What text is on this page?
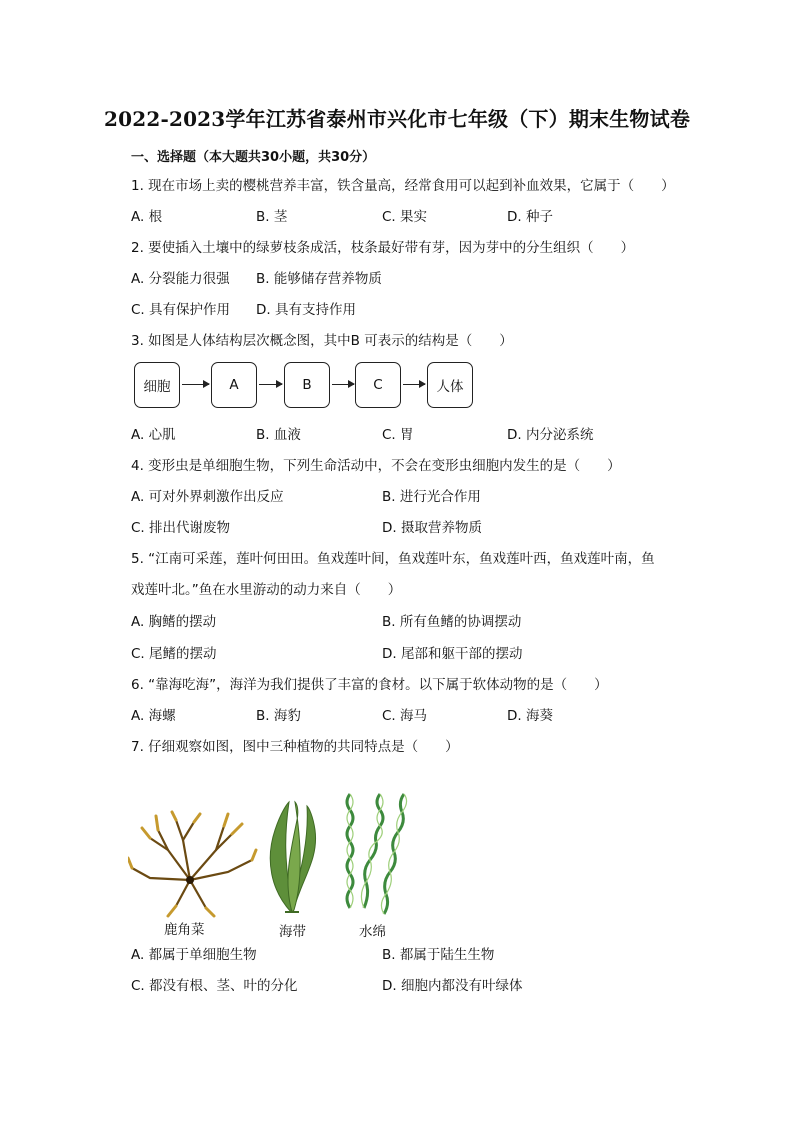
2022-2023学年江苏省泰州市兴化市七年级（下）期末生物试卷
一、选择题（本大题共30小题，共30分）
1. 现在市场上卖的樱桃营养丰富，铁含量高，经常食用可以起到补血效果，它属于（　　）
A. 根	B. 茎	C. 果实	D. 种子
2. 要使插入土壤中的绿萝枝条成活，枝条最好带有芽，因为芽中的分生组织（　　）
A. 分裂能力很强 B. 能够储存营养物质
C. 具有保护作用 D. 具有支持作用
3. 如图是人体结构层次概念图，其中B 可表示的结构是（　　）
细胞	A	B	C	人体
A. 心肌	B. 血液	C. 胃	D. 内分泌系统
4. 变形虫是单细胞生物，下列生命活动中，不会在变形虫细胞内发生的是（　　）
A. 可对外界刺激作出反应	B. 进行光合作用
C. 排出代谢废物	D. 摄取营养物质
5. “江南可采莲，莲叶何田田。鱼戏莲叶间，鱼戏莲叶东，鱼戏莲叶西，鱼戏莲叶南，鱼
戏莲叶北。”鱼在水里游动的动力来自（　　）
A. 胸鳍的摆动	B. 所有鱼鳍的协调摆动
C. 尾鳍的摆动	D. 尾部和躯干部的摆动
6. “靠海吃海”，海洋为我们提供了丰富的食材。以下属于软体动物的是（　　）
A. 海螺	B. 海豹	C. 海马	D. 海葵
7. 仔细观察如图，图中三种植物的共同特点是（　　）
鹿角菜	海带	水绵
A. 都属于单细胞生物	B. 都属于陆生生物
C. 都没有根、茎、叶的分化	D. 细胞内都没有叶绿体
